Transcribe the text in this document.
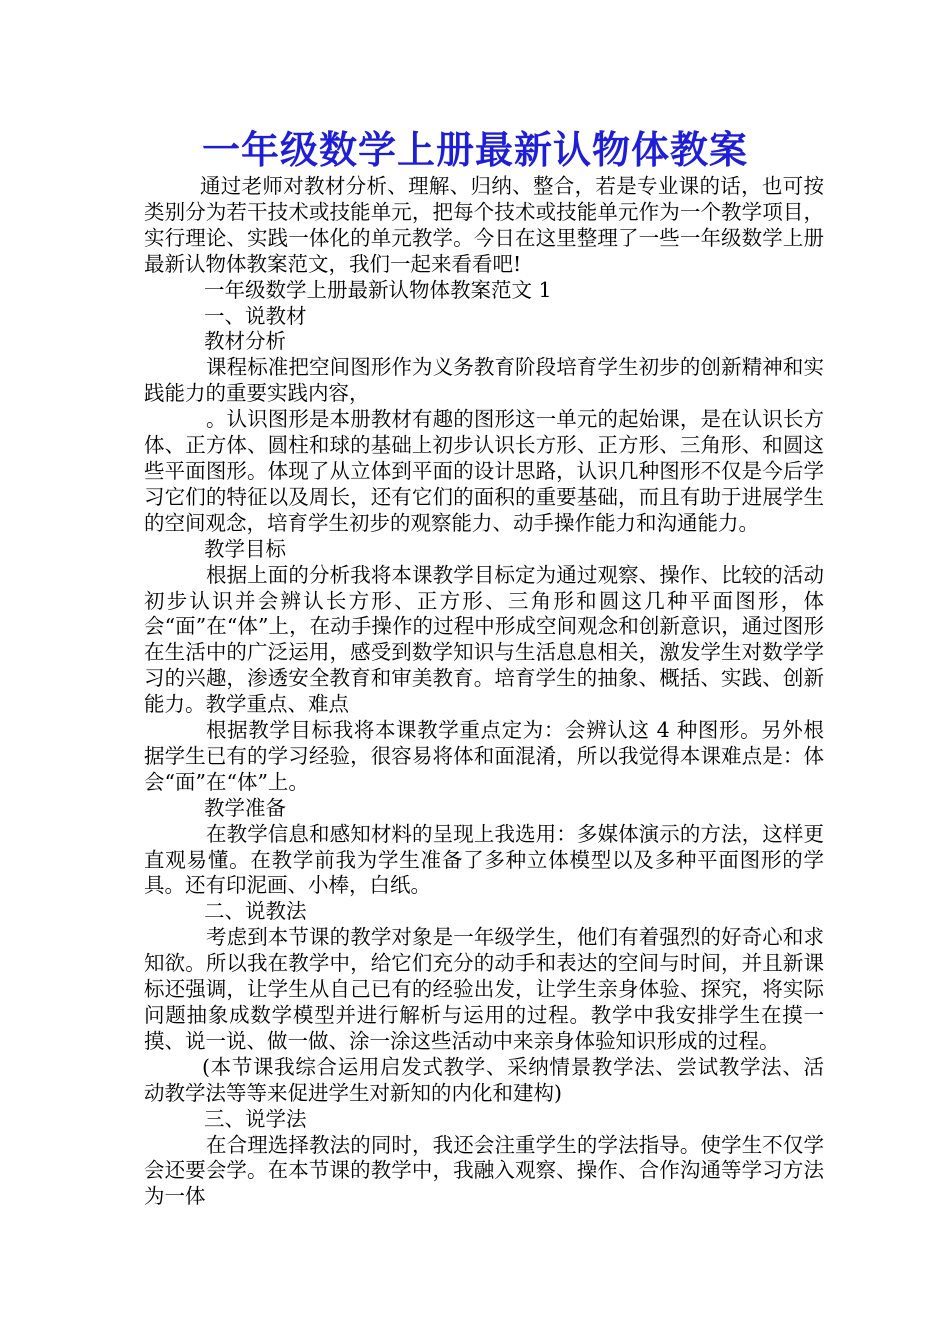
一年级数学上册最新认物体教案

通过老师对教材分析、理解、归纳、整合，若是专业课的话，也可按类别分为若干技术或技能单元，把每个技术或技能单元作为一个教学项目，实行理论、实践一体化的单元教学。今日在这里整理了一些一年级数学上册最新认物体教案范文，我们一起来看看吧!

一年级数学上册最新认物体教案范文 1

一、说教材

教材分析

课程标准把空间图形作为义务教育阶段培育学生初步的创新精神和实践能力的重要实践内容，

。认识图形是本册教材有趣的图形这一单元的起始课，是在认识长方体、正方体、圆柱和球的基础上初步认识长方形、正方形、三角形、和圆这些平面图形。体现了从立体到平面的设计思路，认识几种图形不仅是今后学习它们的特征以及周长，还有它们的面积的重要基础，而且有助于进展学生的空间观念，培育学生初步的观察能力、动手操作能力和沟通能力。

教学目标

根据上面的分析我将本课教学目标定为通过观察、操作、比较的活动初步认识并会辨认长方形、正方形、三角形和圆这几种平面图形，体会“面”在“体”上，在动手操作的过程中形成空间观念和创新意识，通过图形在生活中的广泛运用，感受到数学知识与生活息息相关，激发学生对数学学习的兴趣，渗透安全教育和审美教育。培育学生的抽象、概括、实践、创新能力。教学重点、难点

根据教学目标我将本课教学重点定为：会辨认这 4 种图形。另外根据学生已有的学习经验，很容易将体和面混淆，所以我觉得本课难点是：体会“面”在“体”上。

教学准备

在教学信息和感知材料的呈现上我选用：多媒体演示的方法，这样更直观易懂。在教学前我为学生准备了多种立体模型以及多种平面图形的学具。还有印泥画、小棒，白纸。

二、说教法

考虑到本节课的教学对象是一年级学生，他们有着强烈的好奇心和求知欲。所以我在教学中，给它们充分的动手和表达的空间与时间，并且新课标还强调，让学生从自己已有的经验出发，让学生亲身体验、探究，将实际问题抽象成数学模型并进行解析与运用的过程。教学中我安排学生在摸一摸、说一说、做一做、涂一涂这些活动中来亲身体验知识形成的过程。

(本节课我综合运用启发式教学、采纳情景教学法、尝试教学法、活动教学法等等来促进学生对新知的内化和建构)

三、说学法

在合理选择教法的同时，我还会注重学生的学法指导。使学生不仅学会还要会学。在本节课的教学中，我融入观察、操作、合作沟通等学习方法为一体
